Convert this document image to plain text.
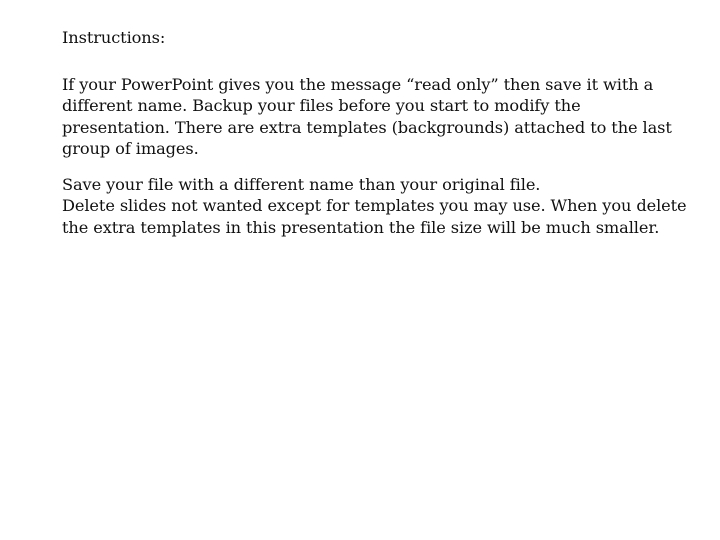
Instructions:
If your PowerPoint gives you the message “read only” then save it with a
different name. Backup your files before you start to modify the
presentation. There are extra templates (backgrounds) attached to the last
group of images.
Save your file with a different name than your original file.
Delete slides not wanted except for templates you may use. When you delete
the extra templates in this presentation the file size will be much smaller.
